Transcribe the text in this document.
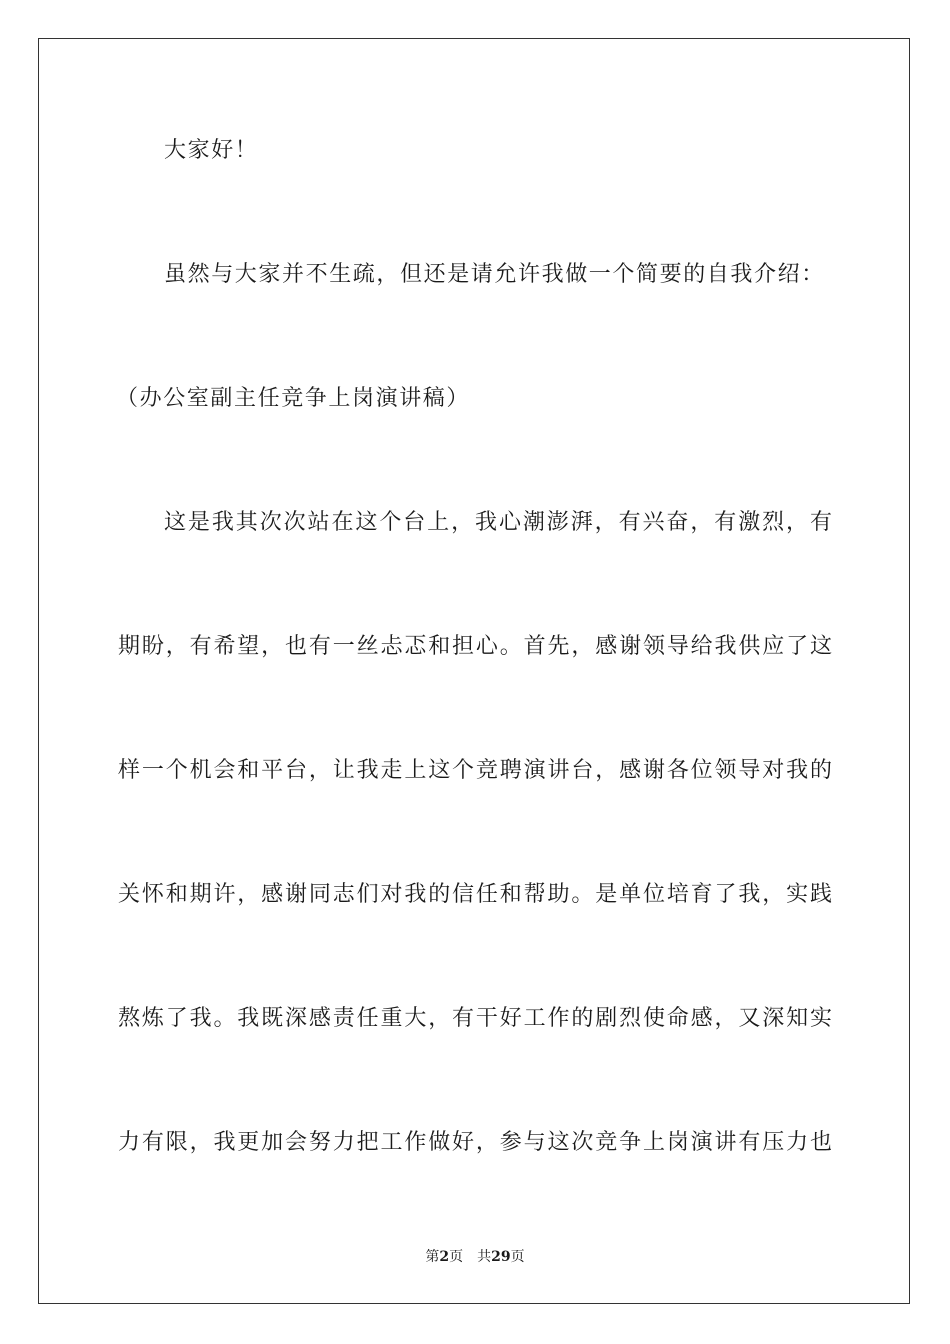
大家好！
虽然与大家并不生疏，但还是请允许我做一个简要的自我介绍：
（办公室副主任竞争上岗演讲稿）
这是我其次次站在这个台上，我心潮澎湃，有兴奋，有激烈，有
期盼，有希望，也有一丝忐忑和担心。首先，感谢领导给我供应了这
样一个机会和平台，让我走上这个竞聘演讲台，感谢各位领导对我的
关怀和期许，感谢同志们对我的信任和帮助。是单位培育了我，实践
熬炼了我。我既深感责任重大，有干好工作的剧烈使命感，又深知实
力有限，我更加会努力把工作做好，参与这次竞争上岗演讲有压力也
第2页 共29页
